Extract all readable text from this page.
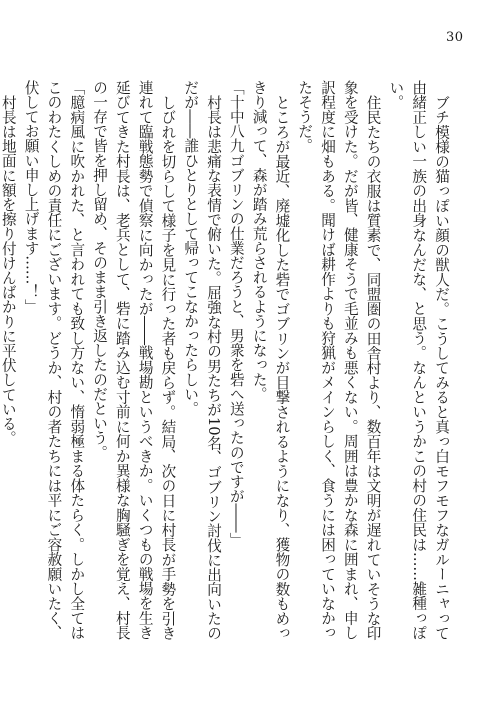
30

ブチ模様の猫っぽい顔の獣人だ。こうしてみると真っ白モフモフなガルーニャって由緒正しい一族の出身なんだな、と思う。なんというかこの村の住民は……雑種っぽい。

住民たちの衣服は質素で、同盟圏の田舎村より、数百年は文明が遅れていそうな印象を受けた。だが皆、健康そうで毛並みも悪くない。周囲は豊かな森に囲まれ、申し訳程度に畑もある。聞けば耕作よりも狩猟がメインらしく、食うには困っていなかったそうだ。

ところが最近、廃墟化した砦でゴブリンが目撃されるようになり、獲物の数もめっきり減って、森が踏み荒らされるようになった。

「十中八九ゴブリンの仕業だろうと、男衆を砦へ送ったのですが――」

村長は悲痛な表情で俯いた。屈強な村の男たちが10名、ゴブリン討伐に出向いたのだが――誰ひとりとして帰ってこなかったらしい。

しびれを切らして様子を見に行った者も戻らず。結局、次の日に村長が手勢を引き連れて臨戦態勢で偵察に向かったが――戦場勘というべきか。いくつもの戦場を生き延びてきた村長は、老兵として、砦に踏み込む寸前に何か異様な胸騒ぎを覚え、村長の一存で皆を押し留め、そのまま引き返したのだという。

「臆病風に吹かれた、と言われても致し方ない、惰弱極まる体たらく。しかし全てはこのわたくしめの責任にございます。どうか、村の者たちには平にご容赦願いたく、伏してお願い申し上げます……！」

村長は地面に額を擦り付けんばかりに平伏している。
